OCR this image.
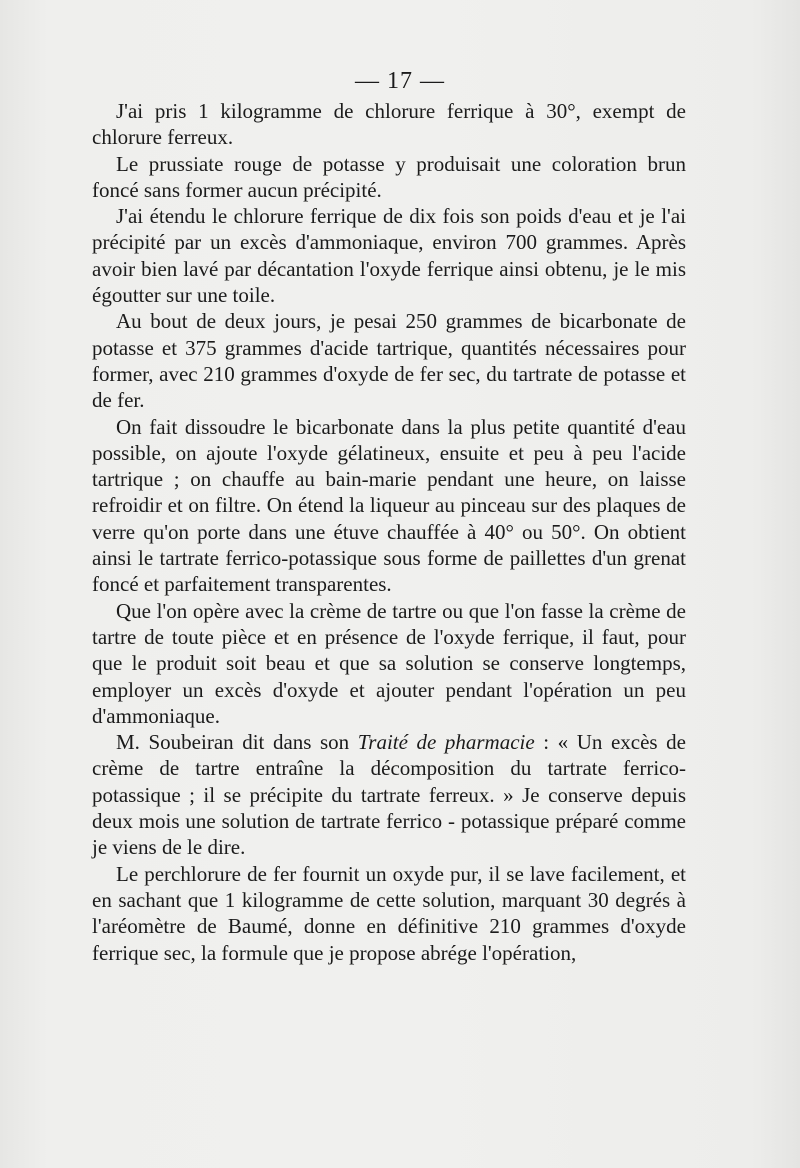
— 17 —

J'ai pris 1 kilogramme de chlorure ferrique à 30°, exempt de chlorure ferreux.

Le prussiate rouge de potasse y produisait une coloration brun foncé sans former aucun précipité.

J'ai étendu le chlorure ferrique de dix fois son poids d'eau et je l'ai précipité par un excès d'ammoniaque, environ 700 grammes. Après avoir bien lavé par décantation l'oxyde ferrique ainsi obtenu, je le mis égoutter sur une toile.

Au bout de deux jours, je pesai 250 grammes de bicarbonate de potasse et 375 grammes d'acide tartrique, quantités nécessaires pour former, avec 210 grammes d'oxyde de fer sec, du tartrate de potasse et de fer.

On fait dissoudre le bicarbonate dans la plus petite quantité d'eau possible, on ajoute l'oxyde gélatineux, ensuite et peu à peu l'acide tartrique ; on chauffe au bain-marie pendant une heure, on laisse refroidir et on filtre. On étend la liqueur au pinceau sur des plaques de verre qu'on porte dans une étuve chauffée à 40° ou 50°. On obtient ainsi le tartrate ferrico-potassique sous forme de paillettes d'un grenat foncé et parfaitement transparentes.

Que l'on opère avec la crème de tartre ou que l'on fasse la crème de tartre de toute pièce et en présence de l'oxyde ferrique, il faut, pour que le produit soit beau et que sa solution se conserve longtemps, employer un excès d'oxyde et ajouter pendant l'opération un peu d'ammoniaque.

M. Soubeiran dit dans son Traité de pharmacie : « Un excès de crème de tartre entraîne la décomposition du tartrate ferrico-potassique ; il se précipite du tartrate ferreux. » Je conserve depuis deux mois une solution de tartrate ferrico - potassique préparé comme je viens de le dire.

Le perchlorure de fer fournit un oxyde pur, il se lave facilement, et en sachant que 1 kilogramme de cette solution, marquant 30 degrés à l'aréomètre de Baumé, donne en définitive 210 grammes d'oxyde ferrique sec, la formule que je propose abrége l'opération,
